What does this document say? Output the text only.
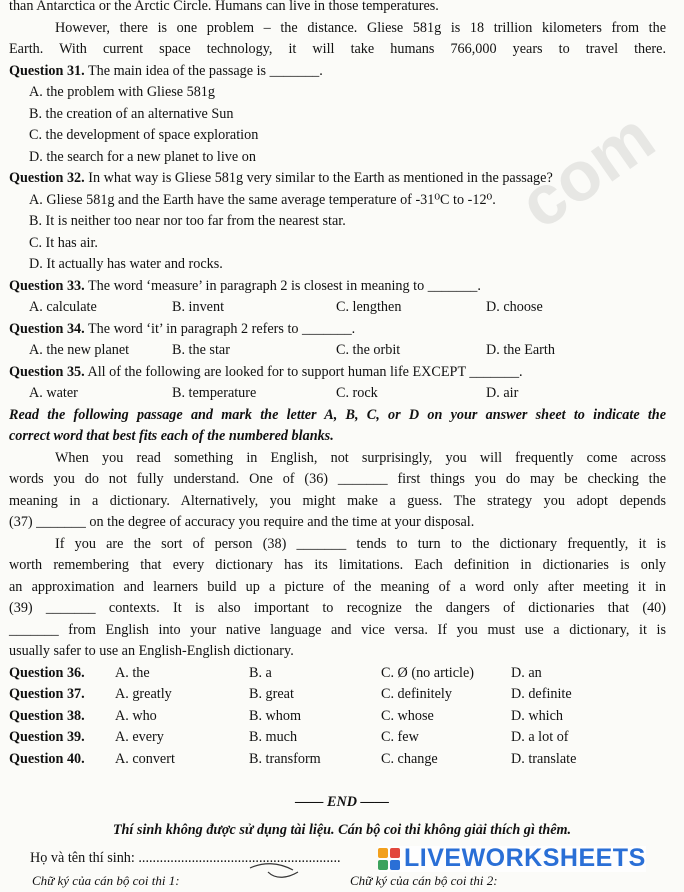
than Antarctica or the Arctic Circle. Humans can live in those temperatures.
However, there is one problem – the distance. Gliese 581g is 18 trillion kilometers from the
Earth. With current space technology, it will take humans 766,000 years to travel there.
Question 31. The main idea of the passage is _______.
A. the problem with Gliese 581g
B. the creation of an alternative Sun
C. the development of space exploration
D. the search for a new planet to live on
Question 32. In what way is Gliese 581g very similar to the Earth as mentioned in the passage?
A. Gliese 581g and the Earth have the same average temperature of -31⁰C to -12⁰.
B. It is neither too near nor too far from the nearest star.
C. It has air.
D. It actually has water and rocks.
Question 33. The word ‘measure’ in paragraph 2 is closest in meaning to _______.
A. calculate	B. invent	C. lengthen	D. choose
Question 34. The word ‘it’ in paragraph 2 refers to _______.
A. the new planet	B. the star	C. the orbit	D. the Earth
Question 35. All of the following are looked for to support human life EXCEPT _______.
A. water	B. temperature	C. rock	D. air
Read the following passage and mark the letter A, B, C, or D on your answer sheet to indicate the
correct word that best fits each of the numbered blanks.
When you read something in English, not surprisingly, you will frequently come across
words you do not fully understand. One of (36) _______ first things you do may be checking the
meaning in a dictionary. Alternatively, you might make a guess. The strategy you adopt depends
(37) _______ on the degree of accuracy you require and the time at your disposal.
If you are the sort of person (38) _______ tends to turn to the dictionary frequently, it is
worth remembering that every dictionary has its limitations. Each definition in dictionaries is only
an approximation and learners build up a picture of the meaning of a word only after meeting it in
(39) _______ contexts. It is also important to recognize the dangers of dictionaries that (40)
_______ from English into your native language and vice versa. If you must use a dictionary, it is
usually safer to use an English-English dictionary.
Question 36. A. the	B. a	C. Ø (no article)	D. an
Question 37. A. greatly	B. great	C. definitely	D. definite
Question 38. A. who	B. whom	C. whose	D. which
Question 39. A. every	B. much	C. few	D. a lot of
Question 40. A. convert	B. transform	C. change	D. translate
—— END ——
Thí sinh không được sử dụng tài liệu. Cán bộ coi thi không giải thích gì thêm.
com
Họ và tên thí sinh: .........................................................
Chữ ký của cán bộ coi thi 1:	Chữ ký của cán bộ coi thi 2:
LIVEWORKSHEETS
